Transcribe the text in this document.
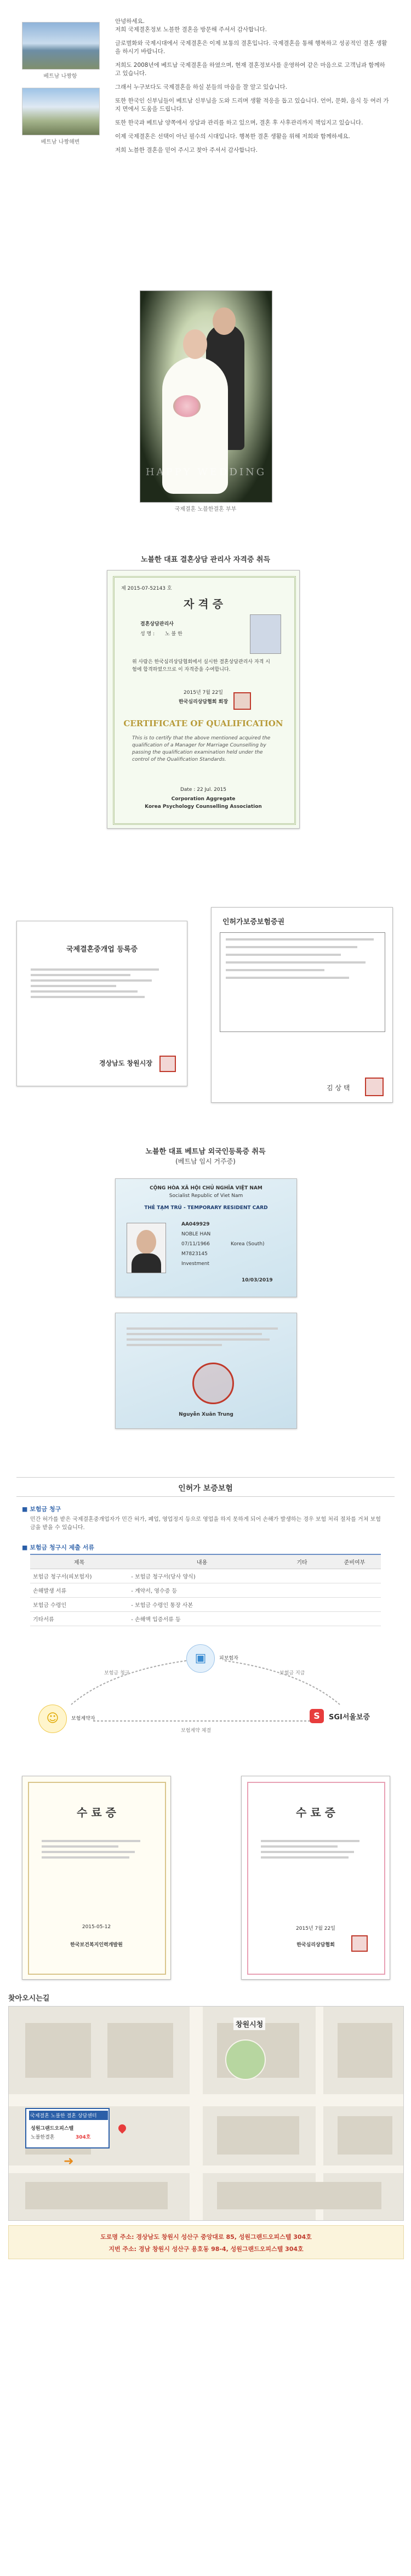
베트남 나짱항
베트남 나짱해변

안녕하세요.

저희 국제결혼정보 노블한 결혼을 방문해 주셔서 감사합니다.

글로벌화와 국제시대에서 국제결혼은 이제 보통의 결혼입니다. 국제결혼을 통해 행복하고 성공적인 결혼 생활을 하시기 바랍니다.

저희도 2008년에 베트남 국제결혼을 하였으며, 현재 결혼정보사를 운영하여 같은 마음으로 고객님과 함께하고 있습니다.

그래서 누구보다도 국제결혼을 하실 분들의 마음을 잘 알고 있습니다.

또한 한국인 신부님들이 베트남 신부님을 도와 드리며 생활 적응을 돕고 있습니다. 언어, 문화, 음식 등 여러 가지 면에서 도움을 드립니다.

또한 한국과 베트남 양쪽에서 상담과 관리를 하고 있으며, 결혼 후 사후관리까지 책임지고 있습니다.

이제 국제결혼은 선택이 아닌 필수의 시대입니다. 행복한 결혼 생활을 위해 저희와 함께하세요.

저희 노블한 결혼을 믿어 주시고 찾아 주셔서 감사합니다.

HAPPY WEDDING
국제결혼 노블한결혼 부부
노블한 대표 결혼상담 관리사 자격증 취득
제 2015-07-52143 호
자 격 증
결혼상담관리사
성 명 : 노 블 한
위 사람은 한국심리상담협회에서 실시한 결혼상담관리사 자격 시험에 합격하였으므로 이 자격증을 수여합니다.
2015년 7월 22일
한국심리상담협회 회장
CERTIFICATE OF QUALIFICATION
This is to certify that the above mentioned acquired the qualification of a Manager for Marriage Counselling by passing the qualification examination held under the control of the Qualification Standards.
Date : 22 Jul. 2015
Corporation Aggregate
Korea Psychology Counselling Association
국제결혼중개업 등록증
경상남도 창원시장
인허가보증보험증권
김 상 택
노블한 대표 베트남 외국인등록증 취득
(베트남 임시 거주증)
CỘNG HÒA XÃ HỘI CHỦ NGHĨA VIỆT NAM
Socialist Republic of Viet Nam
THẺ TẠM TRÚ - TEMPORARY RESIDENT CARD
AA049929
NOBLE HAN
07/11/1966	Korea (South)
M7823145
Investment
10/03/2019
Nguyễn Xuân Trung
인허가 보증보험
■ 보험금 청구
민간 허가를 받은 국제결혼중개업자가 민간 허가, 폐업, 영업정지 등으로 영업을 하지 못하게 되어 손해가 발생하는 경우 보험 처리 절차를 거쳐 보험금을 받을 수 있습니다.
■ 보험금 청구시 제출 서류
제목	내용	기타	준비여부
보험금 청구서(피보험자)	- 보험금 청구서(당사 양식)		
손해발생 서류	- 계약서, 영수증 등		
보험금 수령인	- 보험금 수령인 통장 사본		
기타서류	- 손해액 입증서류 등		
▣	피보험자
☺	보험계약자	S	SGI서울보증
보험금 청구	보험금 지급
보험계약 체결
수 료 증
2015-05-12
한국보건복지인력개발원
수 료 증
2015년 7월 22일
한국심리상담협회
찾아오시는길
창원시청
국제결혼 노블한 결혼 상담센터
성원그랜드오피스텔
노블한결혼	304호
➜
도로명 주소: 경상남도 창원시 성산구 중앙대로 85, 성원그랜드오피스텔 304호
지번 주소: 경남 창원시 성산구 용호동 98-4, 성원그랜드오피스텔 304호
